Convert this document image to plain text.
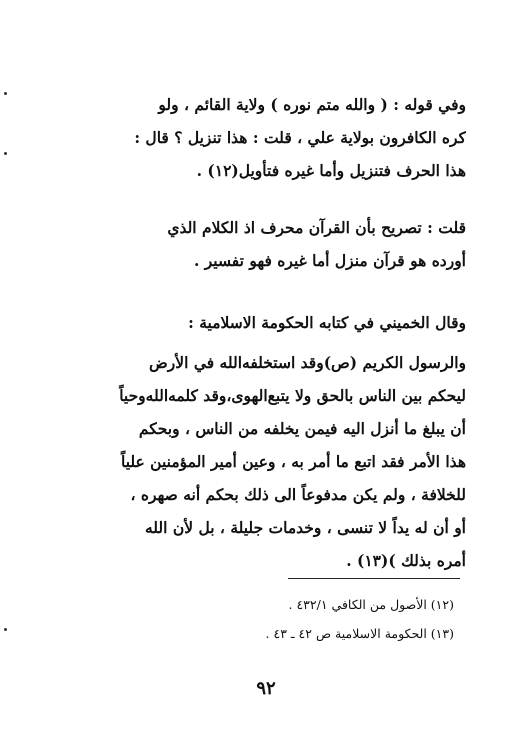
وفي قوله : ( والله متم نوره ) ولاية القائم ، ولو
كره الكافرون بولاية علي ، قلت : هذا تنزيل ؟ قال :
هذا الحرف فتنزيل وأما غيره فتأويل(١٢) .
قلت : تصريح بأن القرآن محرف اذ الكلام الذي
أورده هو قرآن منزل أما غيره فهو تفسير .
وقال الخميني في كتابه الحكومة الاسلامية :
والرسول الكريم (ص)وقد استخلفه‌الله في الأرض
ليحكم بين الناس بالحق ولا يتبع‌الهوى،وقد كلمه‌الله‌وحياً
أن يبلغ ما أنزل اليه فيمن يخلفه من الناس ، وبحكم
هذا الأمر فقد اتبع ما أمر به ، وعين أمير المؤمنين علياً
للخلافة ، ولم يكن مدفوعاً الى ذلك بحكم أنه صهره ،
أو أن له يداً لا تنسى ، وخدمات جليلة ، بل لأن الله
أمره بذلك )(١٣) .
(١٢) الأصول من الكافي ٤٣٢/١ .
(١٣) الحكومة الاسلامية ص ٤٢ ـ ٤٣ .
٩٢
